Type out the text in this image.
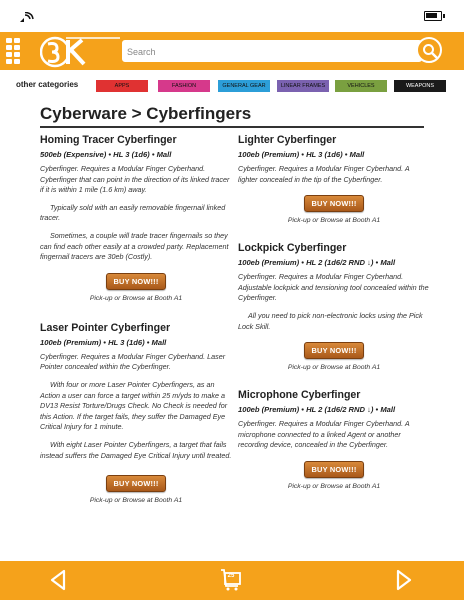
Search
other categories	APPS	FASHION	GENERAL GEAR	LINEAR FRAMES	VEHICLES	WEAPONS
Cyberware > Cyberfingers
Homing Tracer Cyberfinger
500eb (Expensive) • HL 3 (1d6) • Mall

Cyberfinger. Requires a Modular Finger Cyberhand. Cyberfinger that can point in the direction of its linked tracer if it is within 1 mile (1.6 km) away.

Typically sold with an easily removable fingernail linked tracer.

Sometimes, a couple will trade tracer fingernails so they can find each other easily at a crowded party. Replacement fingernail tracers are 30eb (Costly).

BUY NOW!!!
Pick-up or Browse at Booth A1
Laser Pointer Cyberfinger
100eb (Premium) • HL 3 (1d6) • Mall

Cyberfinger. Requires a Modular Finger Cyberhand. Laser Pointer concealed within the Cyberfinger.

With four or more Laser Pointer Cyberfingers, as an Action a user can force a target within 25 m/yds to make a DV13 Resist Torture/Drugs Check. No Check is needed for this Action. If the target fails, they suffer the Damaged Eye Critical Injury for 1 minute.

With eight Laser Pointer Cyberfingers, a target that fails instead suffers the Damaged Eye Critical Injury until treated.

BUY NOW!!!
Pick-up or Browse at Booth A1
Lighter Cyberfinger
100eb (Premium) • HL 3 (1d6) • Mall

Cyberfinger. Requires a Modular Finger Cyberhand. A lighter concealed in the tip of the Cyberfinger.

BUY NOW!!!
Pick-up or Browse at Booth A1
Lockpick Cyberfinger
100eb (Premium) • HL 2 (1d6/2 RND ↓) • Mall

Cyberfinger. Requires a Modular Finger Cyberhand. Adjustable lockpick and tensioning tool concealed within the Cyberfinger.

All you need to pick non-electronic locks using the Pick Lock Skill.

BUY NOW!!!
Pick-up or Browse at Booth A1
Microphone Cyberfinger
100eb (Premium) • HL 2 (1d6/2 RND ↓) • Mall

Cyberfinger. Requires a Modular Finger Cyberhand. A microphone connected to a linked Agent or another recording device, concealed in the Cyberfinger.

BUY NOW!!!
Pick-up or Browse at Booth A1
25
